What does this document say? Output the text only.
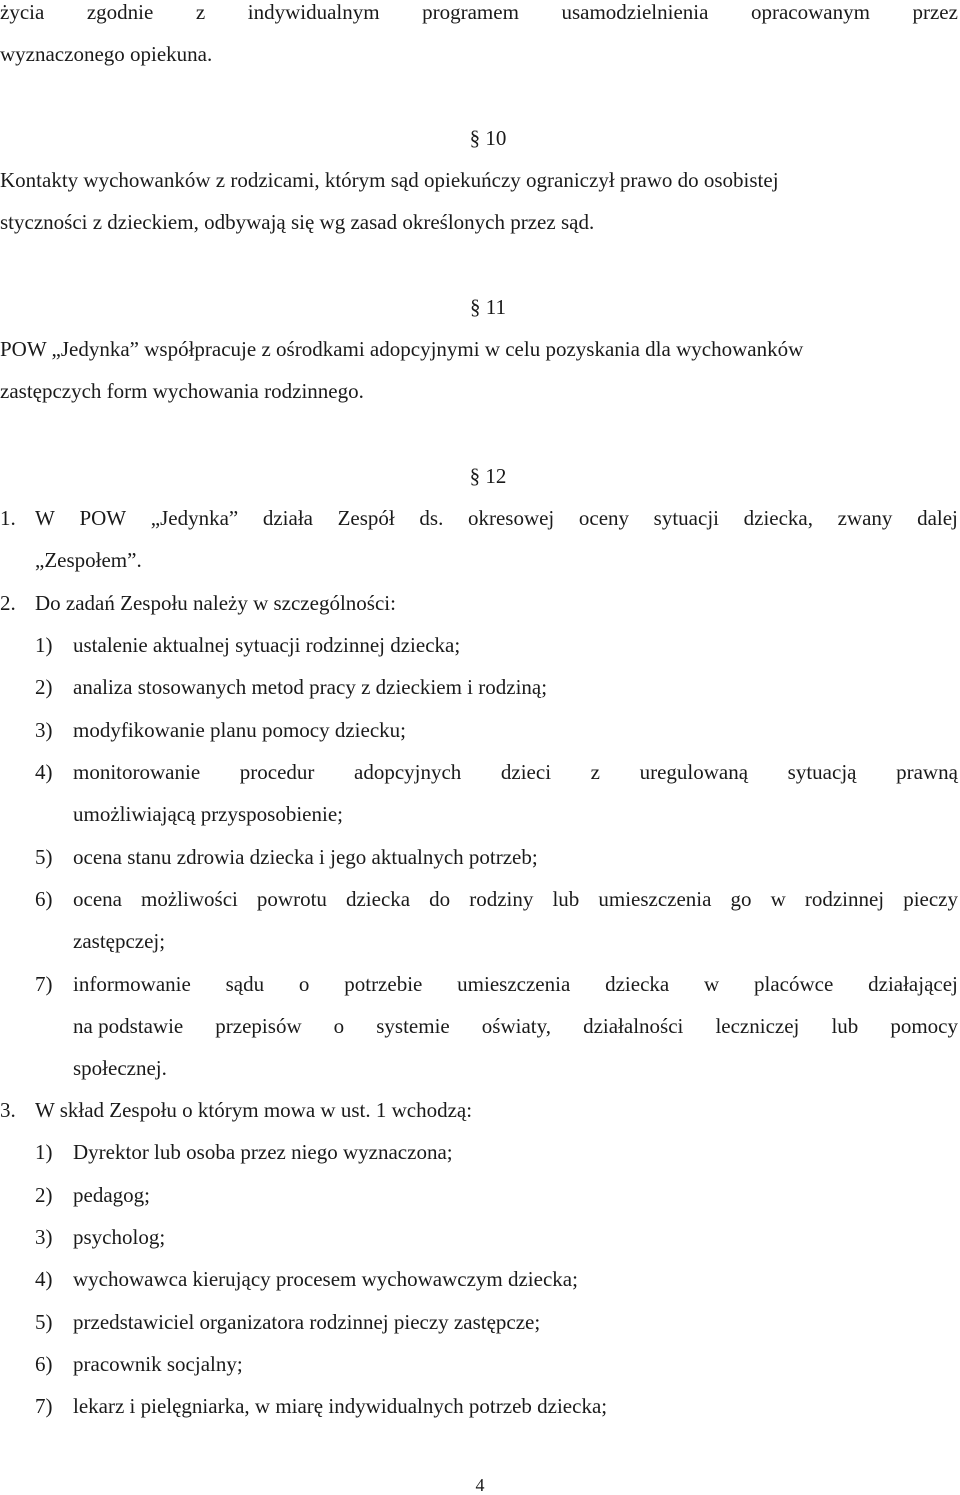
życia zgodnie z indywidualnym programem usamodzielnienia opracowanym przez
wyznaczonego opiekuna.
§ 10
Kontakty wychowanków z rodzicami, którym sąd opiekuńczy ograniczył prawo do osobistej
styczności z dzieckiem, odbywają się wg zasad określonych przez sąd.
§ 11
POW „Jedynka” współpracuje z ośrodkami adopcyjnymi w celu pozyskania dla wychowanków
zastępczych form wychowania rodzinnego.
§ 12
1. W POW „Jedynka” działa Zespół ds. okresowej oceny sytuacji dziecka, zwany dalej
„Zespołem”.
2. Do zadań Zespołu należy w szczególności:
3. W skład Zespołu o którym mowa w ust. 1 wchodzą:
4
1) ustalenie aktualnej sytuacji rodzinnej dziecka;
2) analiza stosowanych metod pracy z dzieckiem i rodziną;
3) modyfikowanie planu pomocy dziecku;
4) monitorowanie procedur adopcyjnych dzieci z uregulowaną sytuacją prawną
umożliwiającą przysposobienie;
5) ocena stanu zdrowia dziecka i jego aktualnych potrzeb;
6) ocena możliwości powrotu dziecka do rodziny lub umieszczenia go w rodzinnej pieczy
zastępczej;
7) informowanie sądu o potrzebie umieszczenia dziecka w placówce działającej
na podstawie przepisów o systemie oświaty, działalności leczniczej lub pomocy
społecznej.
1) Dyrektor lub osoba przez niego wyznaczona;
2) pedagog;
3) psycholog;
4) wychowawca kierujący procesem wychowawczym dziecka;
5) przedstawiciel organizatora rodzinnej pieczy zastępcze;
6) pracownik socjalny;
7) lekarz i pielęgniarka, w miarę indywidualnych potrzeb dziecka;
